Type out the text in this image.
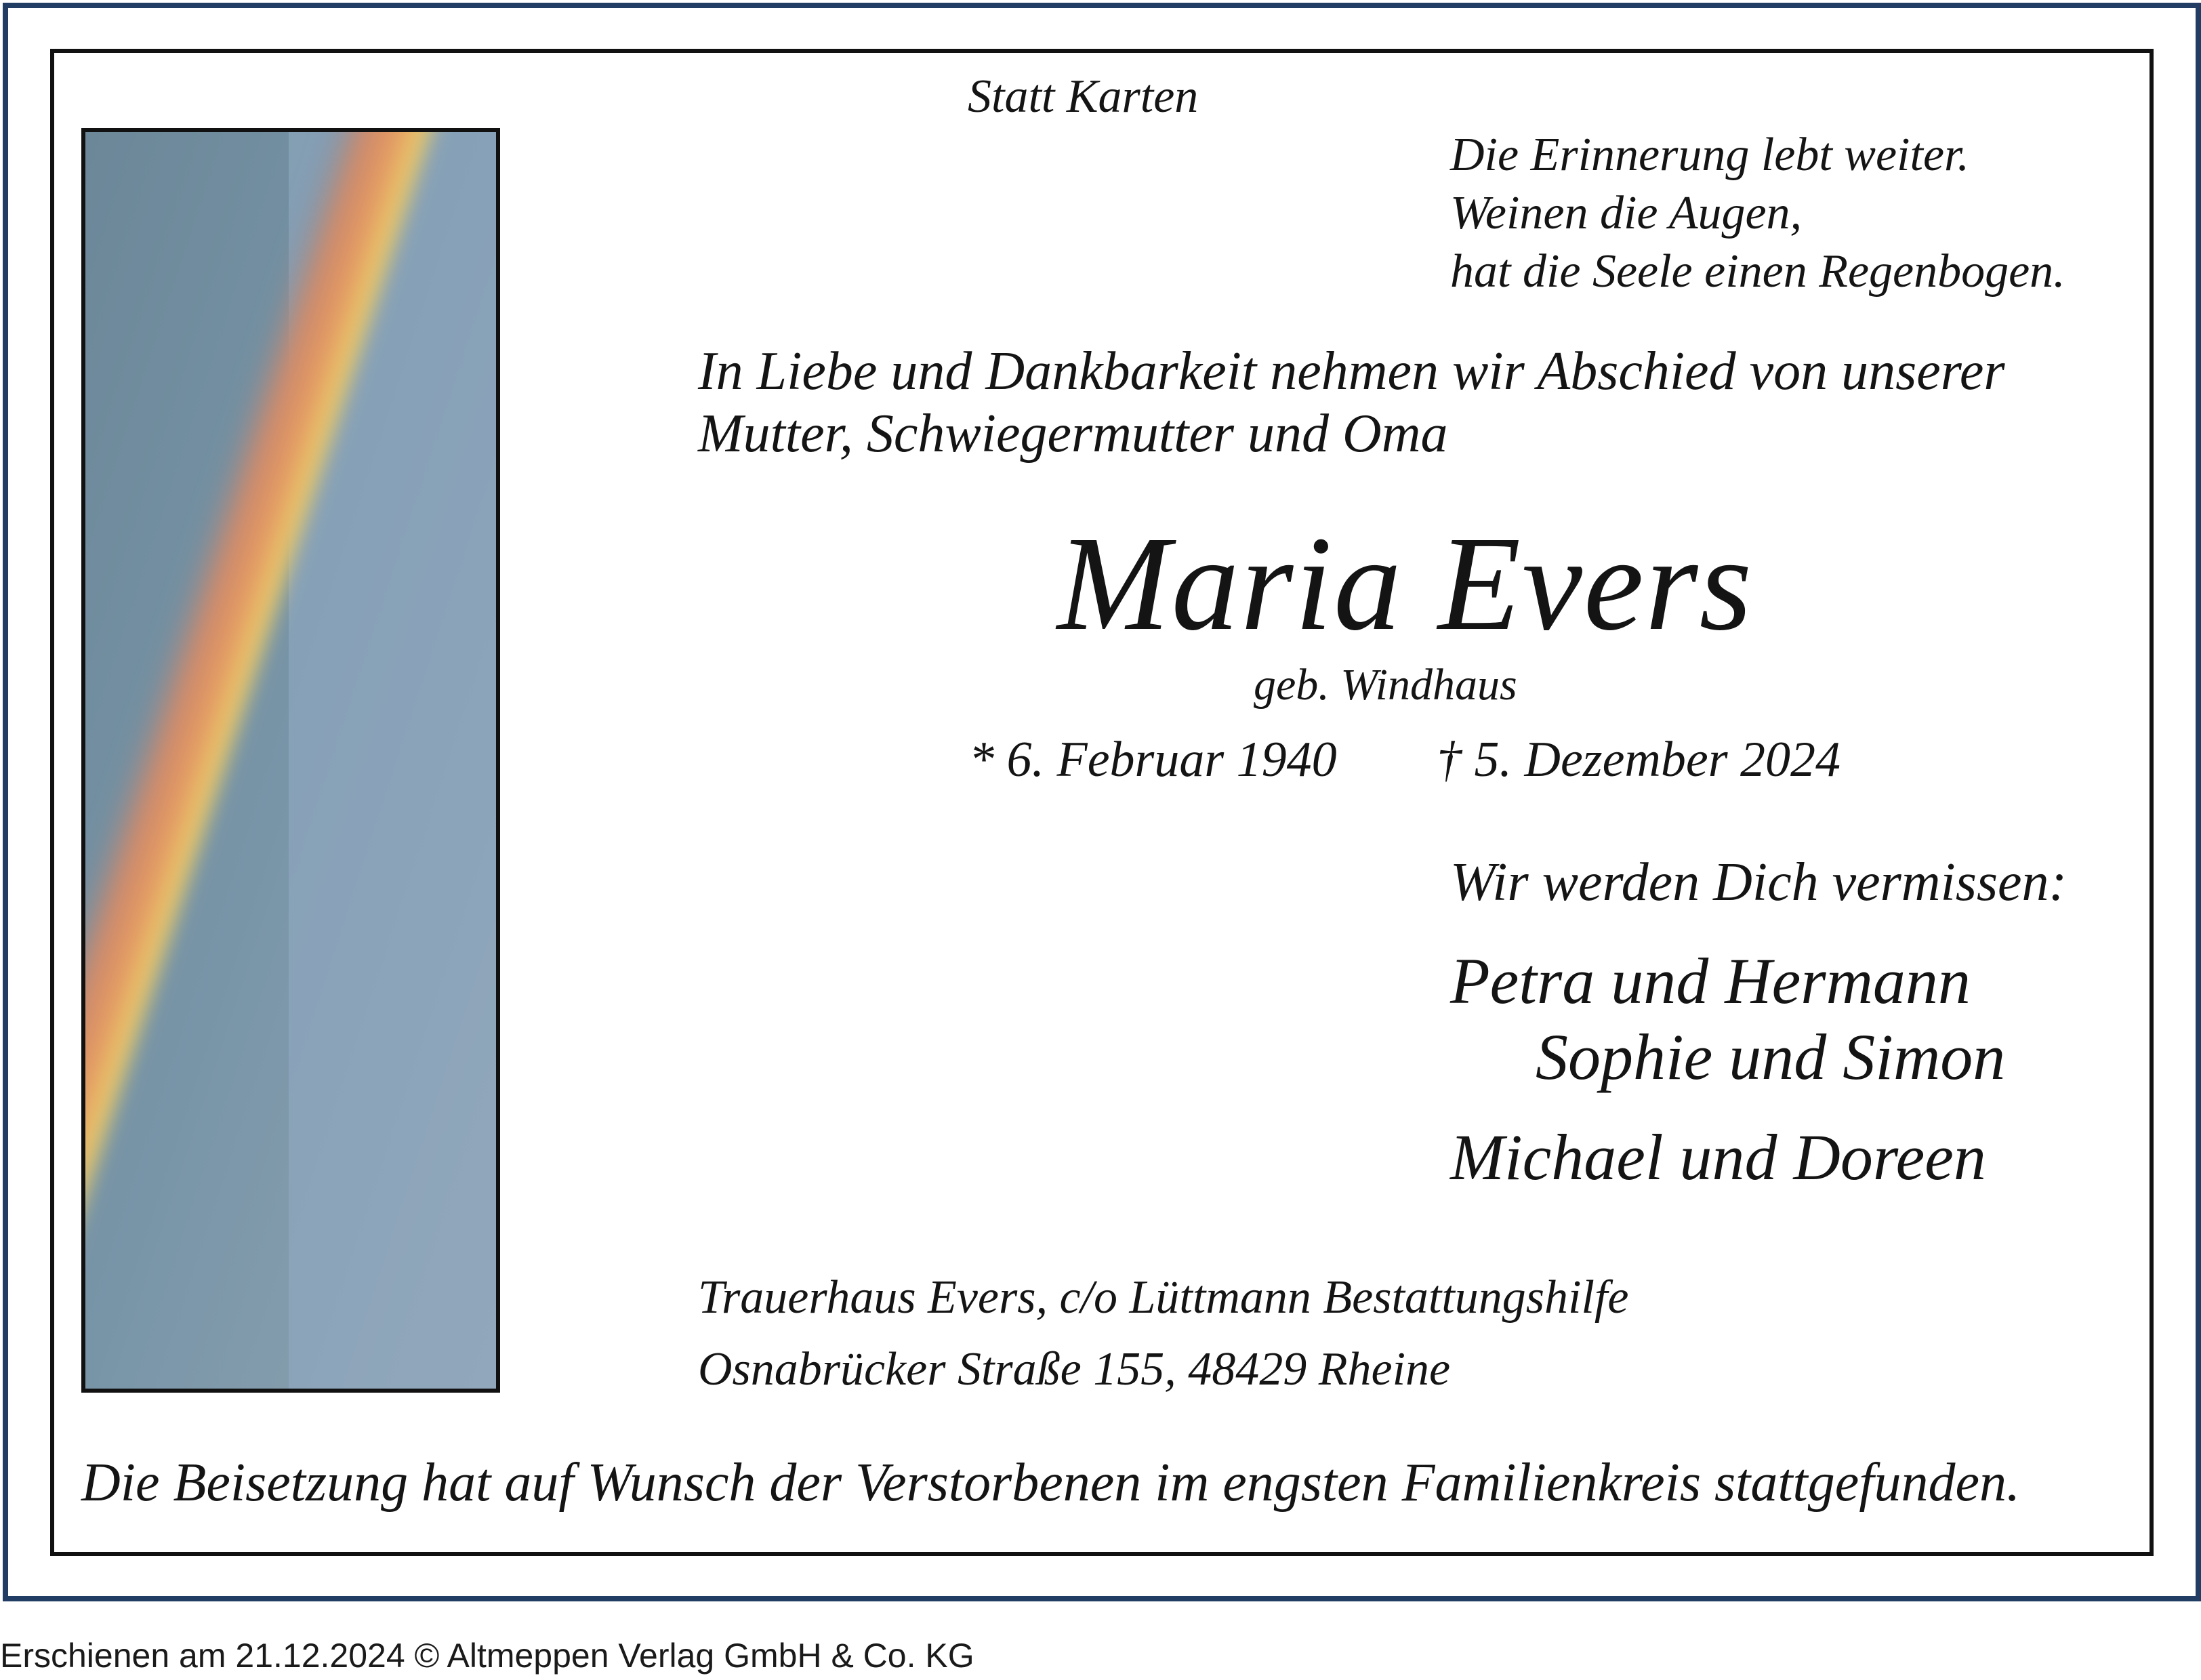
Statt Karten
Die Erinnerung lebt weiter.
Weinen die Augen,
hat die Seele einen Regenbogen.
In Liebe und Dankbarkeit nehmen wir Abschied von unserer
Mutter, Schwiegermutter und Oma
Maria Evers
geb. Windhaus
* 6. Februar 1940 † 5. Dezember 2024
Wir werden Dich vermissen:
Petra und Hermann
Sophie und Simon
Michael und Doreen
Trauerhaus Evers, c/o Lüttmann Bestattungshilfe
Osnabrücker Straße 155, 48429 Rheine
Die Beisetzung hat auf Wunsch der Verstorbenen im engsten Familienkreis stattgefunden.
Erschienen am 21.12.2024 © Altmeppen Verlag GmbH & Co. KG
